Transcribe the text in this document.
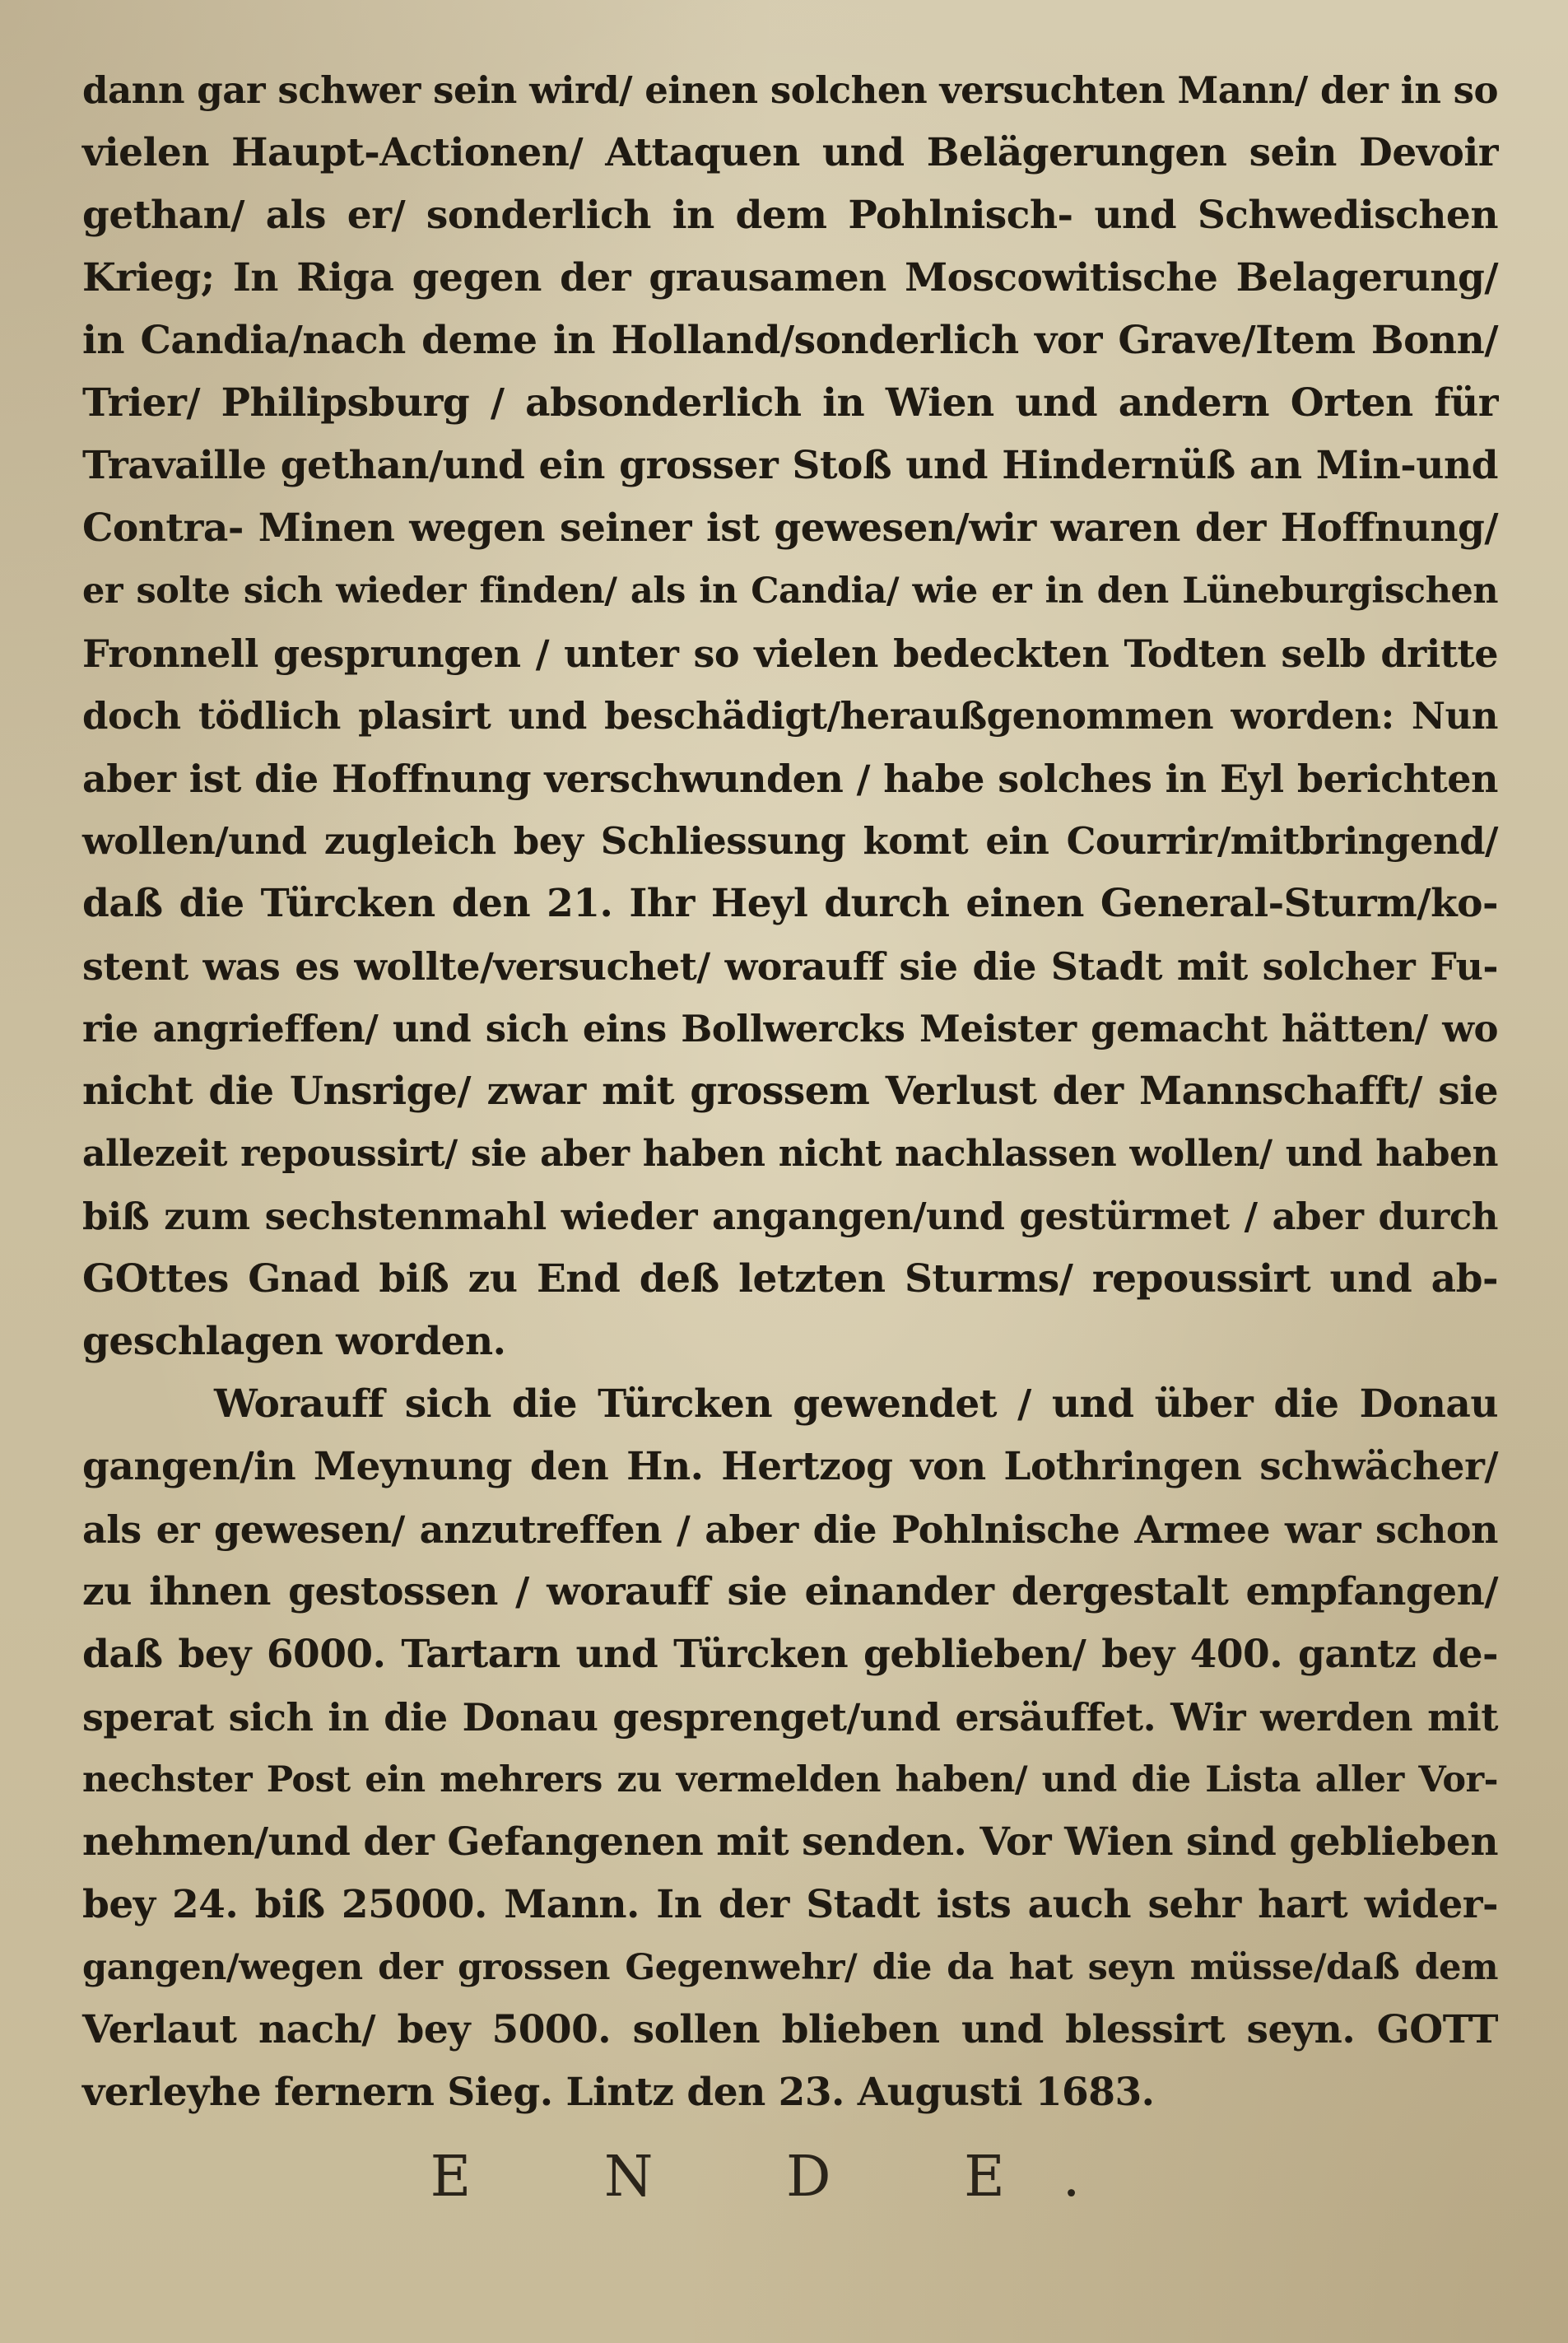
dann gar schwer sein wird/ einen solchen versuchten Mann/ der in so
vielen Haupt-Actionen/ Attaquen und Belägerungen sein Devoir
gethan/ als er/ sonderlich in dem Pohlnisch- und Schwedischen
Krieg; In Riga gegen der grausamen Moscowitische Belagerung/
in Candia/nach deme in Holland/sonderlich vor Grave/Item Bonn/
Trier/ Philipsburg / absonderlich in Wien und andern Orten für
Travaille gethan/und ein grosser Stoß und Hindernüß an Min-und
Contra- Minen wegen seiner ist gewesen/wir waren der Hoffnung/
er solte sich wieder finden/ als in Candia/ wie er in den Lüneburgischen
Fronnell gesprungen / unter so vielen bedeckten Todten selb dritte
doch tödlich plasirt und beschädigt/heraußgenommen worden: Nun
aber ist die Hoffnung verschwunden / habe solches in Eyl berichten
wollen/und zugleich bey Schliessung komt ein Courrir/mitbringend/
daß die Türcken den 21. Ihr Heyl durch einen General-Sturm/ko-
stent was es wollte/versuchet/ worauff sie die Stadt mit solcher Fu-
rie angrieffen/ und sich eins Bollwercks Meister gemacht hätten/ wo
nicht die Unsrige/ zwar mit grossem Verlust der Mannschafft/ sie
allezeit repoussirt/ sie aber haben nicht nachlassen wollen/ und haben
biß zum sechstenmahl wieder angangen/und gestürmet / aber durch
GOttes Gnad biß zu End deß letzten Sturms/ repoussirt und ab-
geschlagen worden.
Worauff sich die Türcken gewendet / und über die Donau
gangen/in Meynung den Hn. Hertzog von Lothringen schwächer/
als er gewesen/ anzutreffen / aber die Pohlnische Armee war schon
zu ihnen gestossen / worauff sie einander dergestalt empfangen/
daß bey 6000. Tartarn und Türcken geblieben/ bey 400. gantz de-
sperat sich in die Donau gesprenget/und ersäuffet. Wir werden mit
nechster Post ein mehrers zu vermelden haben/ und die Lista aller Vor-
nehmen/und der Gefangenen mit senden. Vor Wien sind geblieben
bey 24. biß 25000. Mann. In der Stadt ists auch sehr hart wider-
gangen/wegen der grossen Gegenwehr/ die da hat seyn müsse/daß dem
Verlaut nach/ bey 5000. sollen blieben und blessirt seyn. GOTT
verleyhe fernern Sieg. Lintz den 23. Augusti 1683.
E N D E.
